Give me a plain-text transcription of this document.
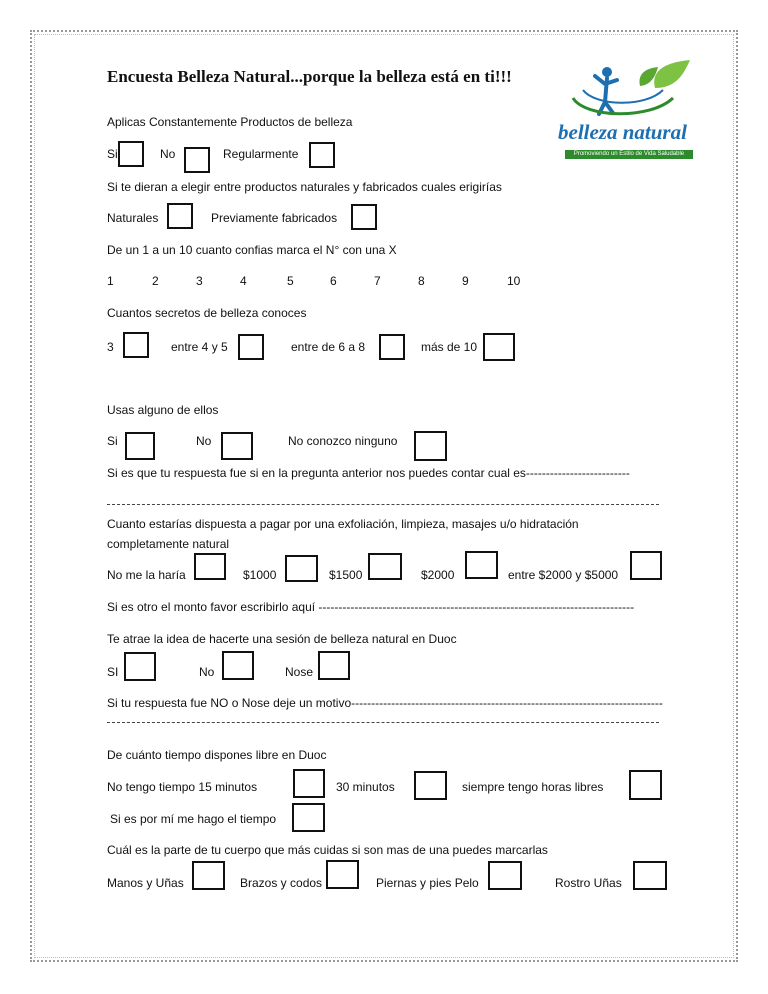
Encuesta Belleza Natural...porque la belleza está en ti!!!
belleza natural
Promoviendo un Estilo de Vida Saludable
Aplicas Constantemente Productos de belleza
Si	No	Regularmente
Si te dieran a elegir entre productos naturales y fabricados cuales erigirías
Naturales	Previamente fabricados
De un 1 a un 10 cuanto confias marca el N° con una X
1	2	3	4	5	6	7	8	9	10
Cuantos secretos de belleza conoces
3	entre 4 y 5	entre de 6 a 8	más de 10
Usas alguno de ellos
Si	No	No conozco ninguno
Si es que tu respuesta fue si en la pregunta anterior nos puedes contar cual es--------------------------
Cuanto estarías dispuesta a pagar por una exfoliación, limpieza, masajes u/o hidratación
completamente natural
No me la haría	$1000	$1500	$2000	entre $2000 y $5000
Si es otro el monto favor escribirlo aquí -------------------------------------------------------------------------------
Te atrae la idea de hacerte una sesión de belleza natural en Duoc
SI	No	Nose
Si tu respuesta fue NO o Nose deje un motivo------------------------------------------------------------------------------
De cuánto tiempo dispones libre en Duoc
No tengo tiempo 15 minutos	30 minutos	siempre tengo horas libres
Si es por mí me hago el tiempo
Cuál es la parte de tu cuerpo que más cuidas si son mas de una puedes marcarlas
Manos y Uñas	Brazos y codos	Piernas y pies Pelo	Rostro Uñas
